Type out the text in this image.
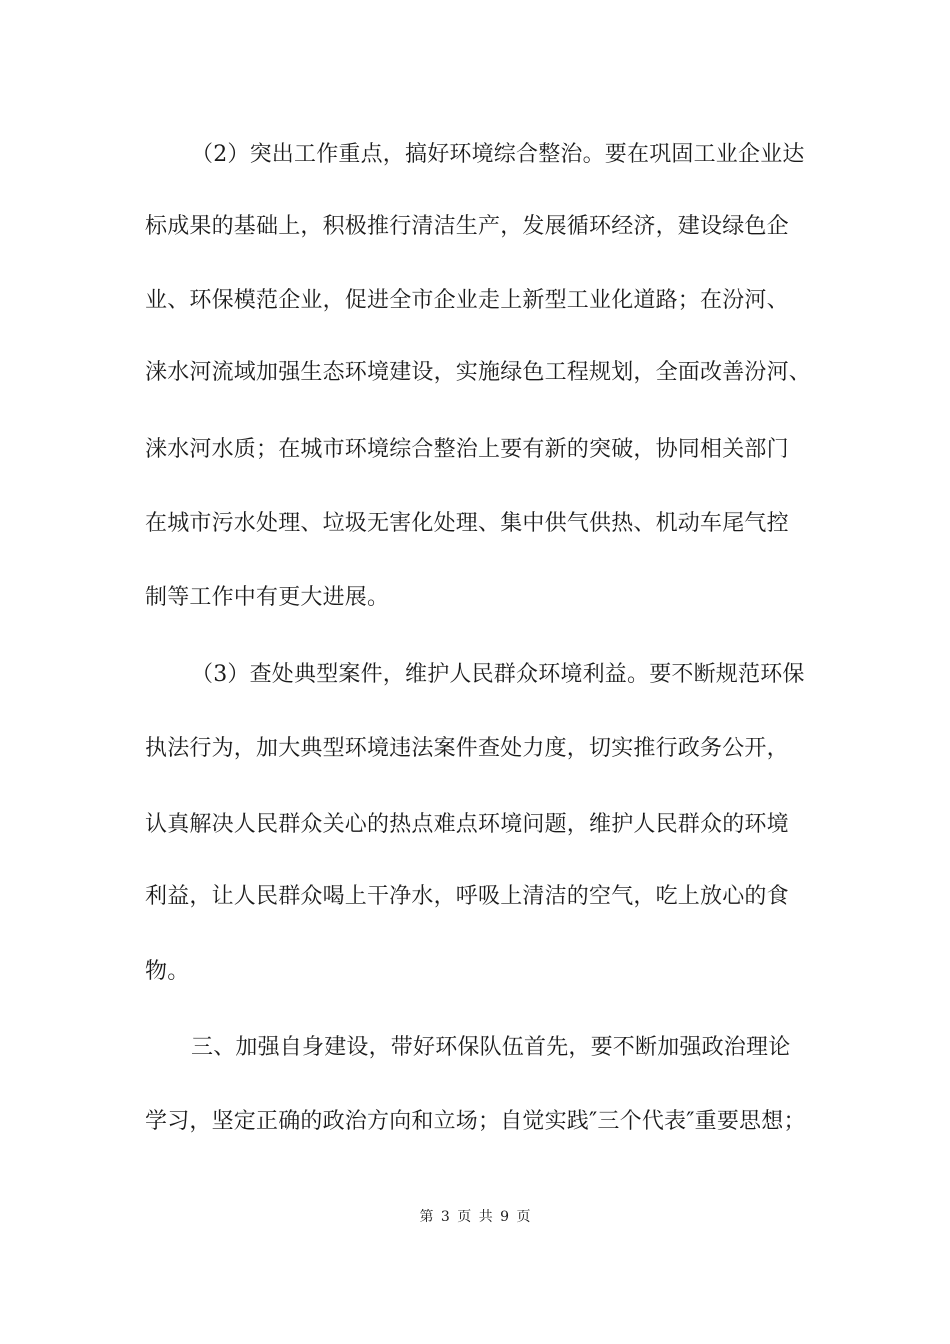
（2）突出工作重点，搞好环境综合整治。要在巩固工业企业达
标成果的基础上，积极推行清洁生产，发展循环经济，建设绿色企
业、环保模范企业，促进全市企业走上新型工业化道路；在汾河、
涞水河流域加强生态环境建设，实施绿色工程规划，全面改善汾河、
涞水河水质；在城市环境综合整治上要有新的突破，协同相关部门
在城市污水处理、垃圾无害化处理、集中供气供热、机动车尾气控
制等工作中有更大进展。
（3）查处典型案件，维护人民群众环境利益。要不断规范环保
执法行为，加大典型环境违法案件查处力度，切实推行政务公开，
认真解决人民群众关心的热点难点环境问题，维护人民群众的环境
利益，让人民群众喝上干净水，呼吸上清洁的空气，吃上放心的食
物。
三、加强自身建设，带好环保队伍首先，要不断加强政治理论
学习，坚定正确的政治方向和立场；自觉实践″三个代表″重要思想；
第 3 页 共 9 页
